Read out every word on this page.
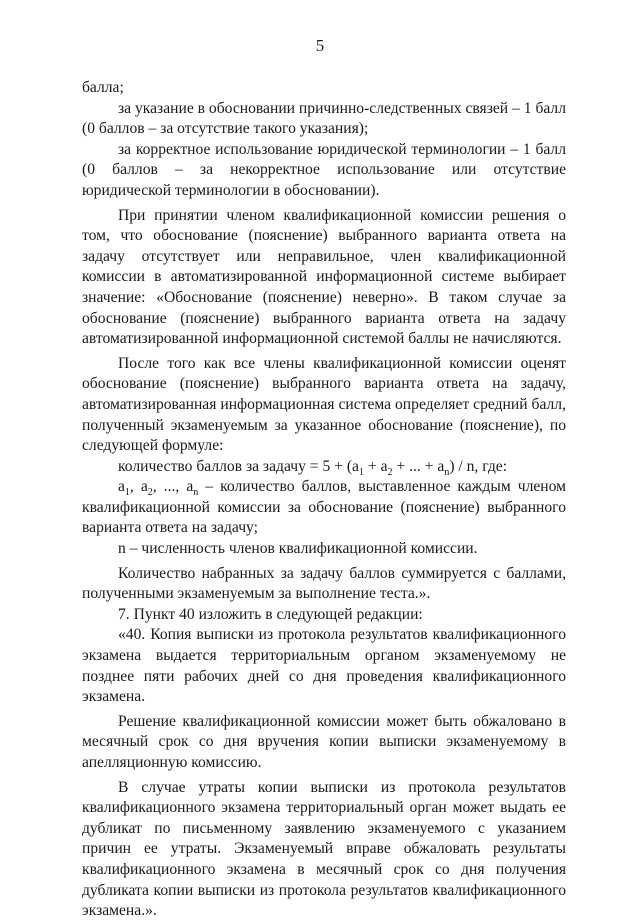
5

балла;

за указание в обосновании причинно-следственных связей – 1 балл (0 баллов – за отсутствие такого указания);

за корректное использование юридической терминологии – 1 балл (0 баллов – за некорректное использование или отсутствие юридической терминологии в обосновании).

При принятии членом квалификационной комиссии решения о том, что обоснование (пояснение) выбранного варианта ответа на задачу отсутствует или неправильное, член квалификационной комиссии в автоматизированной информационной системе выбирает значение: «Обоснование (пояснение) неверно». В таком случае за обоснование (пояснение) выбранного варианта ответа на задачу автоматизированной информационной системой баллы не начисляются.

После того как все члены квалификационной комиссии оценят обоснование (пояснение) выбранного варианта ответа на задачу, автоматизированная информационная система определяет средний балл, полученный экзаменуемым за указанное обоснование (пояснение), по следующей формуле:

количество баллов за задачу = $5 + (a_1 + a_2$ + ... + $a_n$) / n, где:

$a_1$, $a_2$, ..., $a_n$ – количество баллов, выставленное каждым членом квалификационной комиссии за обоснование (пояснение) выбранного варианта ответа на задачу;

n – численность членов квалификационной комиссии.

Количество набранных за задачу баллов суммируется с баллами, полученными экзаменуемым за выполнение теста.».

7. Пункт 40 изложить в следующей редакции:

«40. Копия выписки из протокола результатов квалификационного экзамена выдается территориальным органом экзаменуемому не позднее пяти рабочих дней со дня проведения квалификационного экзамена.

Решение квалификационной комиссии может быть обжаловано в месячный срок со дня вручения копии выписки экзаменуемому в апелляционную комиссию.

В случае утраты копии выписки из протокола результатов квалификационного экзамена территориальный орган может выдать ее дубликат по письменному заявлению экзаменуемого с указанием причин ее утраты. Экзаменуемый вправе обжаловать результаты квалификационного экзамена в месячный срок со дня получения дубликата копии выписки из протокола результатов квалификационного экзамена.».
